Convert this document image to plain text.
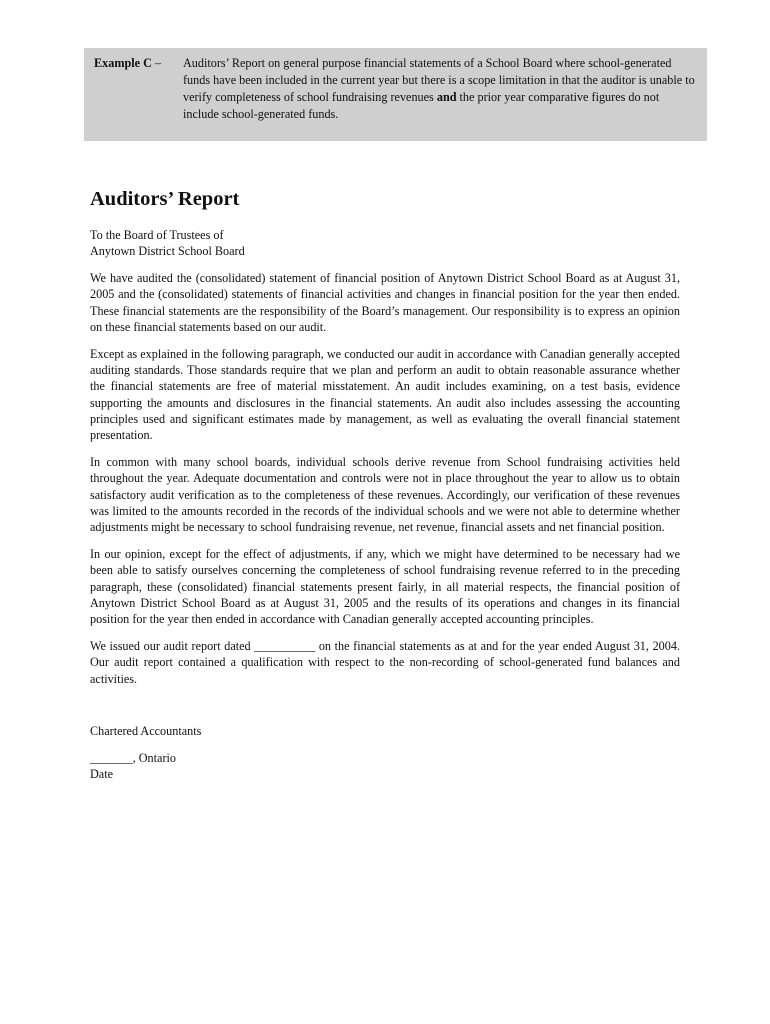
Example C –	Auditors’ Report on general purpose financial statements of a School Board where school-generated funds have been included in the current year but there is a scope limitation in that the auditor is unable to verify completeness of school fundraising revenues and the prior year comparative figures do not include school-generated funds.
Auditors’ Report

To the Board of Trustees of
Anytown District School Board

We have audited the (consolidated) statement of financial position of Anytown District School Board as at August 31, 2005 and the (consolidated) statements of financial activities and changes in financial position for the year then ended. These financial statements are the responsibility of the Board’s management. Our responsibility is to express an opinion on these financial statements based on our audit.

Except as explained in the following paragraph, we conducted our audit in accordance with Canadian generally accepted auditing standards. Those standards require that we plan and perform an audit to obtain reasonable assurance whether the financial statements are free of material misstatement. An audit includes examining, on a test basis, evidence supporting the amounts and disclosures in the financial statements. An audit also includes assessing the accounting principles used and significant estimates made by management, as well as evaluating the overall financial statement presentation.

In common with many school boards, individual schools derive revenue from School fundraising activities held throughout the year. Adequate documentation and controls were not in place throughout the year to allow us to obtain satisfactory audit verification as to the completeness of these revenues. Accordingly, our verification of these revenues was limited to the amounts recorded in the records of the individual schools and we were not able to determine whether adjustments might be necessary to school fundraising revenue, net revenue, financial assets and net financial position.

In our opinion, except for the effect of adjustments, if any, which we might have determined to be necessary had we been able to satisfy ourselves concerning the completeness of school fundraising revenue referred to in the preceding paragraph, these (consolidated) financial statements present fairly, in all material respects, the financial position of Anytown District School Board as at August 31, 2005 and the results of its operations and changes in its financial position for the year then ended in accordance with Canadian generally accepted accounting principles.

We issued our audit report dated __________ on the financial statements as at and for the year ended August 31, 2004. Our audit report contained a qualification with respect to the non-recording of school-generated fund balances and activities.

Chartered Accountants

_______, Ontario
Date
